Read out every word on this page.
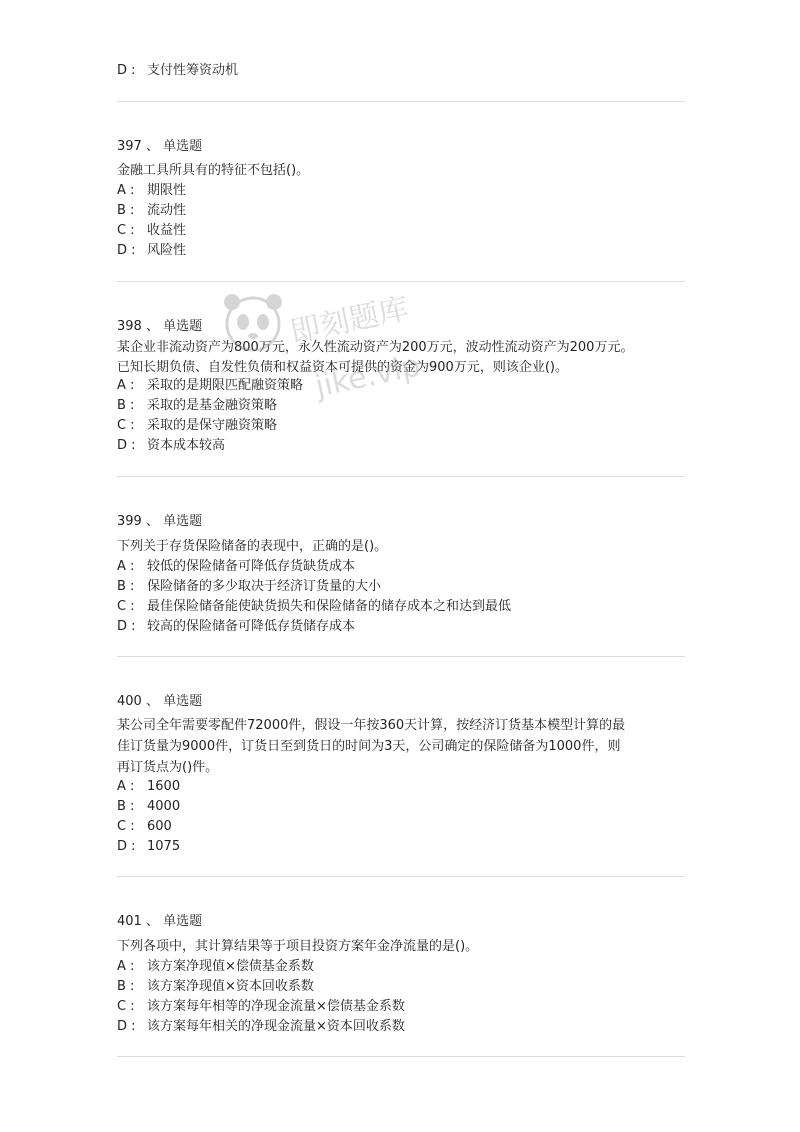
D : 支付性筹资动机
397 、 单选题
金融工具所具有的特征不包括()。
A : 期限性
B : 流动性
C : 收益性
D : 风险性
398 、 单选题
某企业非流动资产为800万元，永久性流动资产为200万元，波动性流动资产为200万元。
已知长期负债、自发性负债和权益资本可提供的资金为900万元，则该企业()。
A : 采取的是期限匹配融资策略
B : 采取的是基金融资策略
C : 采取的是保守融资策略
D : 资本成本较高
399 、 单选题
下列关于存货保险储备的表现中，正确的是()。
A : 较低的保险储备可降低存货缺货成本
B : 保险储备的多少取决于经济订货量的大小
C : 最佳保险储备能使缺货损失和保险储备的储存成本之和达到最低
D : 较高的保险储备可降低存货储存成本
400 、 单选题
某公司全年需要零配件72000件，假设一年按360天计算，按经济订货基本模型计算的最
佳订货量为9000件，订货日至到货日的时间为3天，公司确定的保险储备为1000件，则
再订货点为()件。
A : 1600
B : 4000
C : 600
D : 1075
401 、 单选题
下列各项中，其计算结果等于项目投资方案年金净流量的是()。
A : 该方案净现值×偿债基金系数
B : 该方案净现值×资本回收系数
C : 该方案每年相等的净现金流量×偿债基金系数
D : 该方案每年相关的净现金流量×资本回收系数
即刻题库
jike.vip
